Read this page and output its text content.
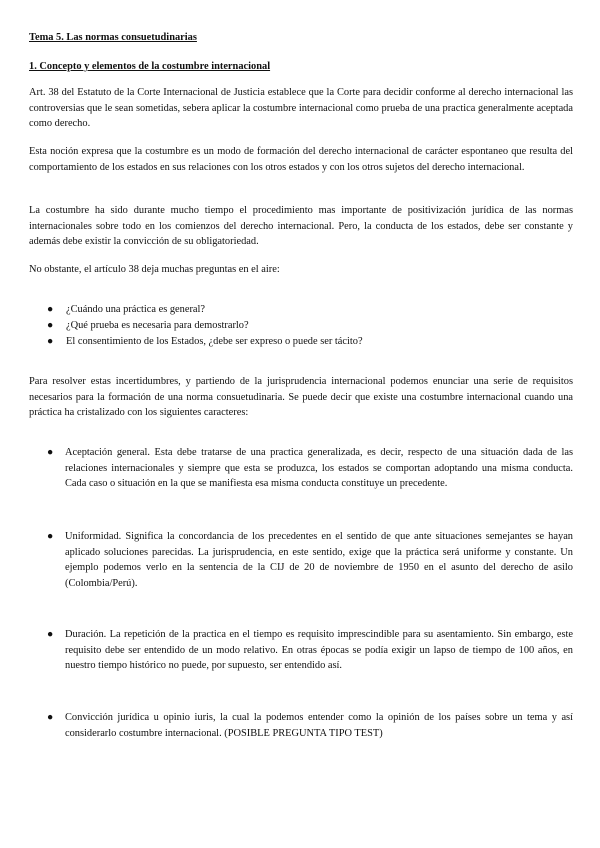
Tema 5. Las normas consuetudinarias
1. Concepto y elementos de la costumbre internacional
Art. 38 del Estatuto de la Corte Internacional de Justicia establece que la Corte para decidir conforme al derecho internacional las controversias que le sean sometidas, sebera aplicar la costumbre internacional como prueba de una practica generalmente aceptada como derecho.
Esta noción expresa que la costumbre es un modo de formación del derecho internacional de carácter espontaneo que resulta del comportamiento de los estados en sus relaciones con los otros estados y con los otros sujetos del derecho internacional.
La costumbre ha sido durante mucho tiempo el procedimiento mas importante de positivización jurídica de las normas internacionales sobre todo en los comienzos del derecho internacional. Pero, la conducta de los estados, debe ser constante y además debe existir la convicción de su obligatoriedad.
No obstante, el artículo 38 deja muchas preguntas en el aire:
● ¿Cuándo una práctica es general?
● ¿Qué prueba es necesaria para demostrarlo?
● El consentimiento de los Estados, ¿debe ser expreso o puede ser tácito?
Para resolver estas incertidumbres, y partiendo de la jurisprudencia internacional podemos enunciar una serie de requisitos necesarios para la formación de una norma consuetudinaria. Se puede decir que existe una costumbre internacional cuando una práctica ha cristalizado con los siguientes caracteres:
● Aceptación general. Esta debe tratarse de una practica generalizada, es decir, respecto de una situación dada de las relaciones internacionales y siempre que esta se produzca, los estados se comportan adoptando una misma conducta. Cada caso o situación en la que se manifiesta esa misma conducta constituye un precedente.
● Uniformidad. Significa la concordancia de los precedentes en el sentido de que ante situaciones semejantes se hayan aplicado soluciones parecidas. La jurisprudencia, en este sentido, exige que la práctica será uniforme y constante. Un ejemplo podemos verlo en la sentencia de la CIJ de 20 de noviembre de 1950 en el asunto del derecho de asilo (Colombia/Perú).
● Duración. La repetición de la practica en el tiempo es requisito imprescindible para su asentamiento. Sin embargo, este requisito debe ser entendido de un modo relativo. En otras épocas se podía exigir un lapso de tiempo de 100 años, en nuestro tiempo histórico no puede, por supuesto, ser entendido así.
● Convicción jurídica u opinio iuris, la cual la podemos entender como la opinión de los países sobre un tema y así considerarlo costumbre internacional. (POSIBLE PREGUNTA TIPO TEST)
